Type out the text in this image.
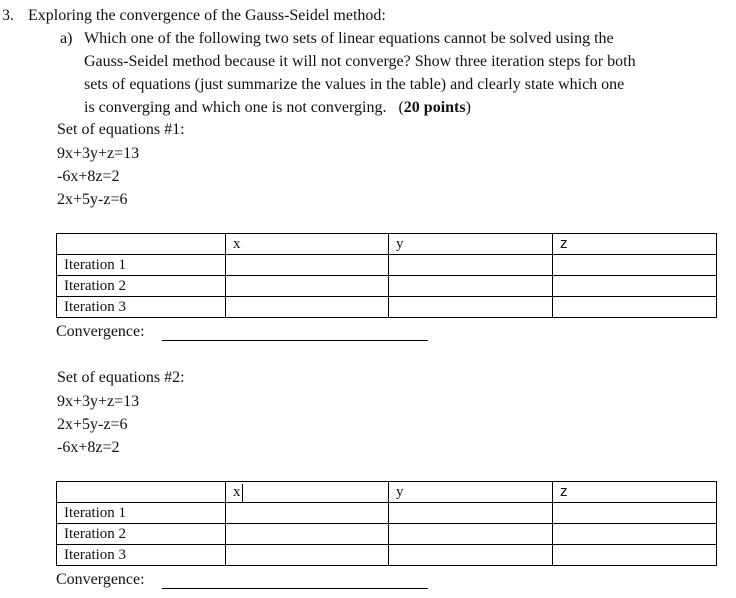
3. Exploring the convergence of the Gauss-Seidel method:
a) Which one of the following two sets of linear equations cannot be solved using the
Gauss-Seidel method because it will not converge? Show three iteration steps for both
sets of equations (just summarize the values in the table) and clearly state which one
is converging and which one is not converging.   (20 points)
Set of equations #1:
9x+3y+z=13
-6x+8z=2
2x+5y-z=6
	x	y	z
Iteration 1			
Iteration 2			
Iteration 3			
Convergence:
Set of equations #2:
9x+3y+z=13
2x+5y-z=6
-6x+8z=2
	x	y	z
Iteration 1			
Iteration 2			
Iteration 3			
Convergence:
